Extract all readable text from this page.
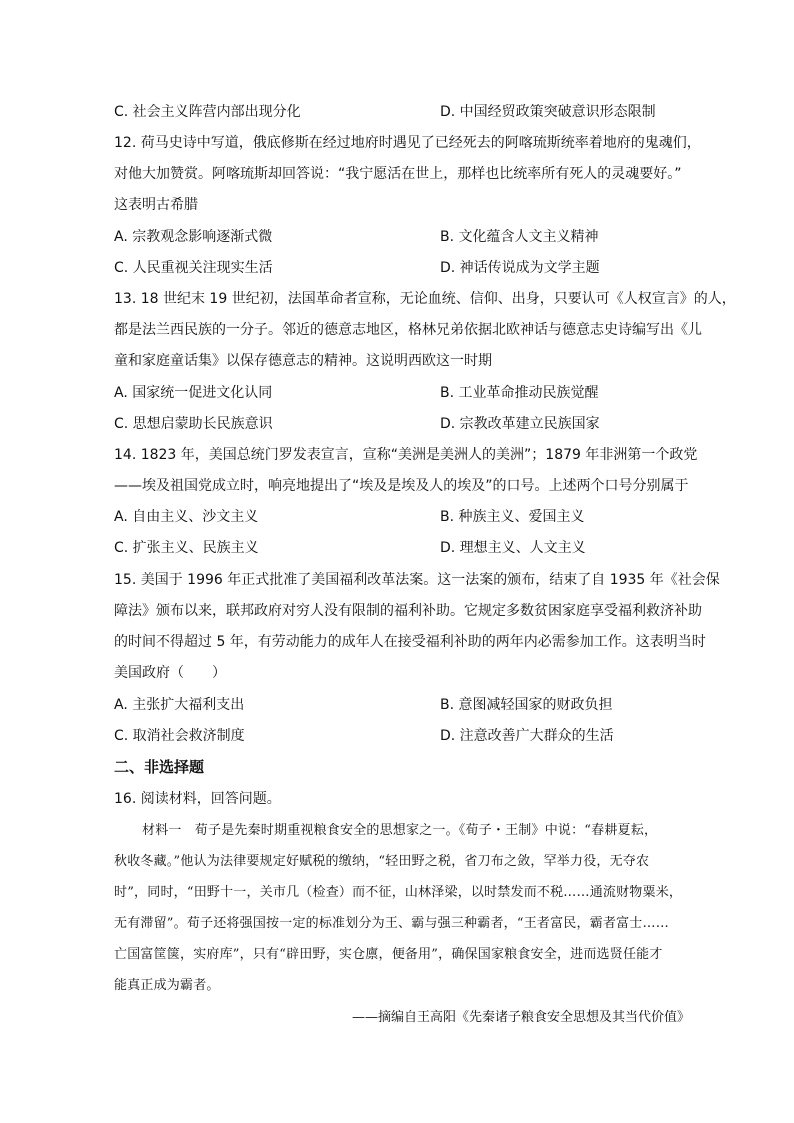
C. 社会主义阵营内部出现分化	D. 中国经贸政策突破意识形态限制
12. 荷马史诗中写道，俄底修斯在经过地府时遇见了已经死去的阿喀琉斯统率着地府的鬼魂们，
对他大加赞赏。阿喀琉斯却回答说：“我宁愿活在世上，那样也比统率所有死人的灵魂要好。”
这表明古希腊
A. 宗教观念影响逐渐式微	B. 文化蕴含人文主义精神
C. 人民重视关注现实生活	D. 神话传说成为文学主题
13. 18 世纪末 19 世纪初，法国革命者宣称，无论血统、信仰、出身，只要认可《人权宣言》的人，
都是法兰西民族的一分子。邻近的德意志地区，格林兄弟依据北欧神话与德意志史诗编写出《儿
童和家庭童话集》以保存德意志的精神。这说明西欧这一时期
A. 国家统一促进文化认同	B. 工业革命推动民族觉醒
C. 思想启蒙助长民族意识	D. 宗教改革建立民族国家
14. 1823 年，美国总统门罗发表宣言，宣称“美洲是美洲人的美洲”；1879 年非洲第一个政党
——埃及祖国党成立时，响亮地提出了“埃及是埃及人的埃及”的口号。上述两个口号分别属于
A. 自由主义、沙文主义	B. 种族主义、爱国主义
C. 扩张主义、民族主义	D. 理想主义、人文主义
15. 美国于 1996 年正式批准了美国福利改革法案。这一法案的颁布，结束了自 1935 年《社会保
障法》颁布以来，联邦政府对穷人没有限制的福利补助。它规定多数贫困家庭享受福利救济补助
的时间不得超过 5 年，有劳动能力的成年人在接受福利补助的两年内必需参加工作。这表明当时
美国政府（　　）
A. 主张扩大福利支出	B. 意图减轻国家的财政负担
C. 取消社会救济制度	D. 注意改善广大群众的生活
二、非选择题
16. 阅读材料，回答问题。
材料一　荀子是先秦时期重视粮食安全的思想家之一。《荀子・王制》中说：“春耕夏耘，
秋收冬藏。”他认为法律要规定好赋税的缴纳，“轻田野之税，省刀布之敛，罕举力役，无夺农
时”，同时，“田野十一，关市几（检查）而不征，山林泽梁，以时禁发而不税……通流财物粟米，
无有滞留”。荀子还将强国按一定的标准划分为王、霸与强三种霸者，“王者富民，霸者富士……
亡国富筐箧，实府库”，只有“辟田野，实仓廪，便备用”，确保国家粮食安全，进而选贤任能才
能真正成为霸者。
——摘编自王高阳《先秦诸子粮食安全思想及其当代价值》
